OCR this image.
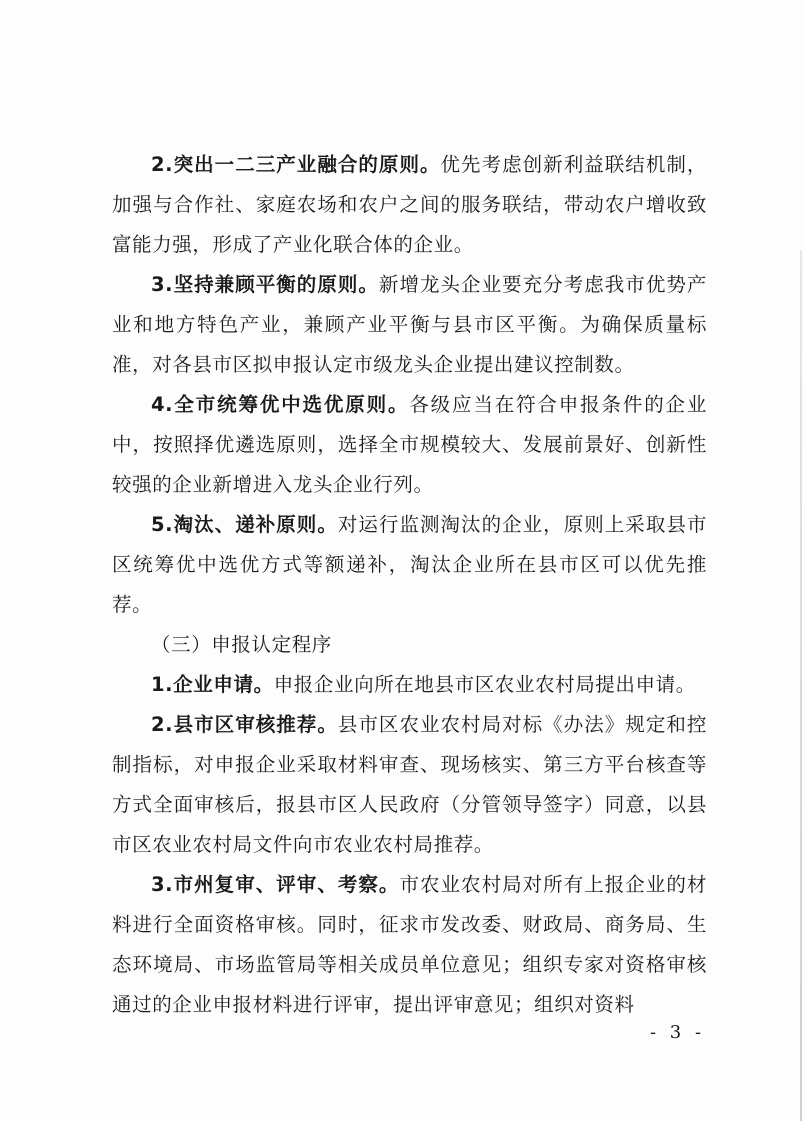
2.突出一二三产业融合的原则。优先考虑创新利益联结机制，加强与合作社、家庭农场和农户之间的服务联结，带动农户增收致富能力强，形成了产业化联合体的企业。

3.坚持兼顾平衡的原则。新增龙头企业要充分考虑我市优势产业和地方特色产业，兼顾产业平衡与县市区平衡。为确保质量标准，对各县市区拟申报认定市级龙头企业提出建议控制数。

4.全市统筹优中选优原则。各级应当在符合申报条件的企业中，按照择优遴选原则，选择全市规模较大、发展前景好、创新性较强的企业新增进入龙头企业行列。

5.淘汰、递补原则。对运行监测淘汰的企业，原则上采取县市区统筹优中选优方式等额递补，淘汰企业所在县市区可以优先推荐。

（三）申报认定程序

1.企业申请。申报企业向所在地县市区农业农村局提出申请。

2.县市区审核推荐。县市区农业农村局对标《办法》规定和控制指标，对申报企业采取材料审查、现场核实、第三方平台核查等方式全面审核后，报县市区人民政府（分管领导签字）同意，以县市区农业农村局文件向市农业农村局推荐。

3.市州复审、评审、考察。市农业农村局对所有上报企业的材料进行全面资格审核。同时，征求市发改委、财政局、商务局、生态环境局、市场监管局等相关成员单位意见；组织专家对资格审核通过的企业申报材料进行评审，提出评审意见；组织对资料

- 3 -
